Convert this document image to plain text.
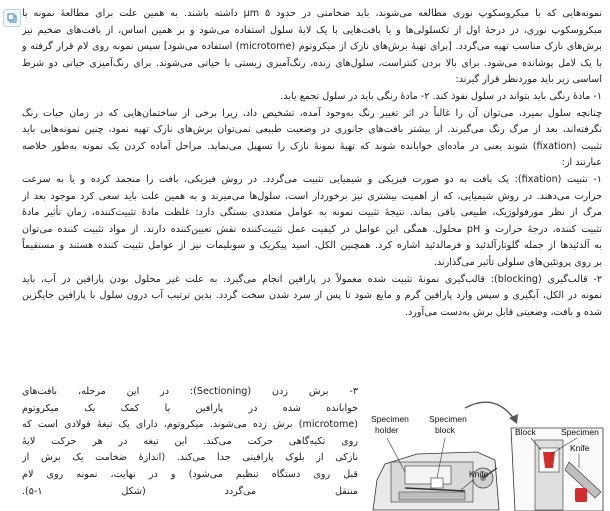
نمونه‌هایی که با میکروسکوپ نوری مطالعه می‌شوند، باید ضخامتی در حدود μm ۵ داشته باشند. به همین علت برای مطالعهٔ نمونه با
میکروسکوپ نوری، در درجهٔ اول از تکسلولی‌ها و یا بافت‌هایی با یک لایهٔ سلول استفاده می‌شود و بر همین اساس، از بافت‌های ضخیم نیز
برش‌های نازک مناسب تهیه می‌گردد. [برای تهیهٔ برش‌های نازک از میکروتوم (microtome) استفاده می‌شود] سپس نمونه روی لام قرار گرفته و
با یک لامل پوشانده می‌شود. برای بالا بردن کنتراست، سلول‌های زنده، رنگ‌آمیزی زیستی با حیاتی می‌شوند. برای رنگ‌آمیزی حیاتی دو شرط
اساسی زیر باید موردنظر قرار گیرند:
۱- مادهٔ رنگی باید بتواند در سلول نفوذ کند. ۲- مادهٔ رنگی باید در سلول تجمع یابد.
چنانچه سلول بمیرد، می‌توان آن را غالباً در اثر تغییر رنگ به‌وجود آمده، تشخیص داد، زیرا برخی از ساختمان‌هایی که در زمان حیات رنگ
نگرفته‌اند، بعد از مرگ رنگ می‌گیرند. از بیشتر بافت‌های جانوری در وضعیت طبیعی نمی‌توان برش‌های نازک تهیه نمود، چنین نمونه‌هایی باید
تثبیت (fixation) شوند یعنی در ماده‌ای خوابانده شوند که تهیهٔ نمونهٔ نازک را تسهیل می‌نماید. مراحل آماده کردن یک نمونه به‌طور خلاصه
عبارتند از:
۱- تثبیت (fixation): یک بافت به دو صورت فیزیکی و شیمیایی تثبیت می‌گردد. در روش فیزیکی، بافت را منجمد کرده و یا به سرعت
حرارت می‌دهند. در روش شیمیایی، که از اهمیت بیشتری نیز برخوردار است، سلول‌ها می‌میرند و به همین علت باید سعی کرد موجود بعد از
مرگ از نظر مورفولوژیک، طبیعی باقی بماند. نتیجهٔ تثبیت نمونه به عوامل متعددی بستگی دارد: غلظت مادهٔ تثبیت‌کننده، زمان تأثیر مادهٔ
تثبیت کننده، درجهٔ حرارت و pH محلول. همگی این عوامل در کیفیت عمل تثبیت‌کننده نقش تعیین‌کننده دارند. از مواد تثبیت کننده می‌توان
به آلدئیدها از جمله گلوتارآلدئید و فرمالدئید اشاره کرد. همچنین الکل، اسید پیکریک و سوبلیمات نیز از عوامل تثبیت کننده هستند و مستقیماً
بر روی پروتئین‌های سلولی تأثیر می‌گذارند.
۲- قالب‌گیری (blocking): قالب‌گیری نمونهٔ تثبیت شده معمولاً در پارافین انجام می‌گیرد. به علت غیر محلول بودن پارافین در آب، باید
نمونه در الکل، آبگیری و سپس وارد پارافین گرم و مایع شود تا پس از سرد شدن سخت گردد. بدین ترتیب آب درون سلول با پارافین جایگزین
شده و بافت، وضعیتی قابل برش به‌دست می‌آورد.
۳- برش زدن (Sectioning): در این مرحله، بافت‌های
خوابانده شده در پارافین با کمک یک میکروتوم
(microtome) برش زده می‌شوند. میکروتوم، دارای یک تیغهٔ فولادی است که
روی تکیه‌گاهی حرکت می‌کند. این تیغه در هر حرکت لایهٔ
نازکی از بلوک پارافینی جدا می‌کند. (اندازهٔ ضخامت یک برش از
قبل روی دستگاه تنظیم می‌شود) و در نهایت، نمونه روی لام
منتقل می‌گردد (شکل ۱-۵).
Specimen
holder
Specimen
block
Knife
Block	Specimen
Knife
